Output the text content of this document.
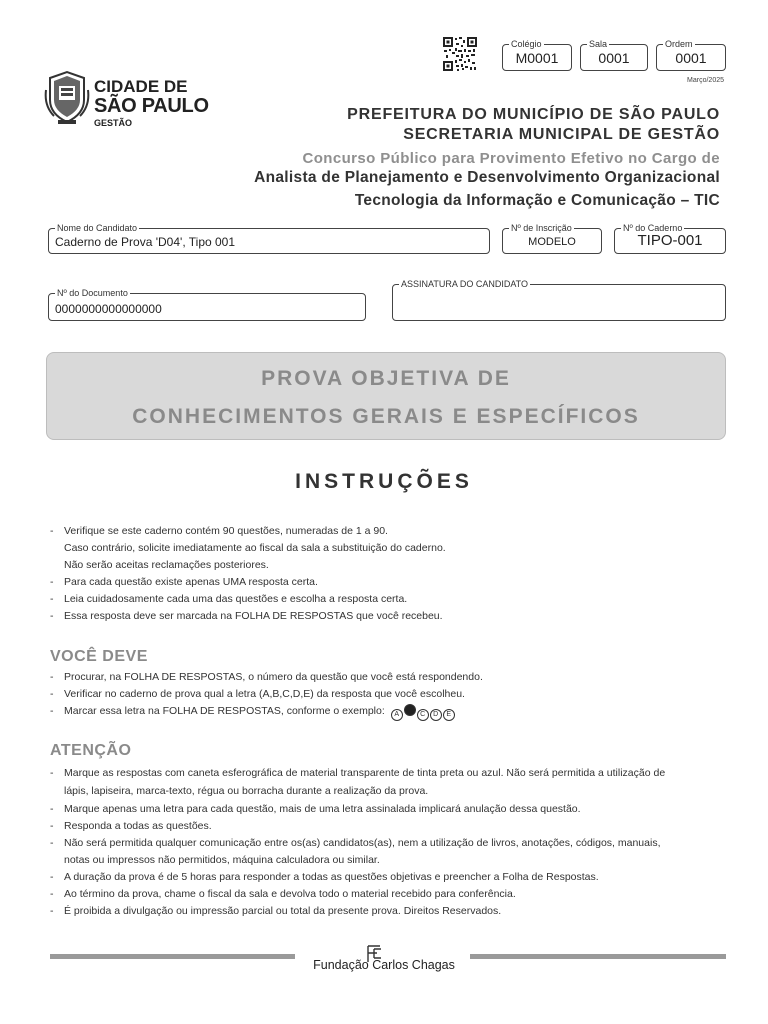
Colégio
M0001
Sala
0001
Ordem
0001
Março/2025
CIDADE DE
SÃO PAULO
GESTÃO	PREFEITURA DO MUNICÍPIO DE SÃO PAULO
SECRETARIA MUNICIPAL DE GESTÃO
Concurso Público para Provimento Efetivo no Cargo de
Analista de Planejamento e Desenvolvimento Organizacional
Tecnologia da Informação e Comunicação – TIC
Nome do Candidato
Caderno de Prova 'D04', Tipo 001
Nº de Inscrição
MODELO
Nº do Caderno
TIPO-001
Nº do Documento
0000000000000000
ASSINATURA DO CANDIDATO
PROVA OBJETIVA DE
CONHECIMENTOS GERAIS E ESPECÍFICOS
INSTRUÇÕES
- Verifique se este caderno contém 90 questões, numeradas de 1 a 90.
Caso contrário, solicite imediatamente ao fiscal da sala a substituição do caderno.
Não serão aceitas reclamações posteriores.
- Para cada questão existe apenas UMA resposta certa.
- Leia cuidadosamente cada uma das questões e escolha a resposta certa.
- Essa resposta deve ser marcada na FOLHA DE RESPOSTAS que você recebeu.
VOCÊ DEVE
- Procurar, na FOLHA DE RESPOSTAS, o número da questão que você está respondendo.
- Verificar no caderno de prova qual a letra (A,B,C,D,E) da resposta que você escolheu.
- Marcar essa letra na FOLHA DE RESPOSTAS, conforme o exemplo: A	C D E
ATENÇÃO
- Marque as respostas com caneta esferográfica de material transparente de tinta preta ou azul. Não será permitida a utilização de
lápis, lapiseira, marca-texto, régua ou borracha durante a realização da prova.
- Marque apenas uma letra para cada questão, mais de uma letra assinalada implicará anulação dessa questão.
- Responda a todas as questões.
- Não será permitida qualquer comunicação entre os(as) candidatos(as), nem a utilização de livros, anotações, códigos, manuais,
notas ou impressos não permitidos, máquina calculadora ou similar.
- A duração da prova é de 5 horas para responder a todas as questões objetivas e preencher a Folha de Respostas.
- Ao término da prova, chame o fiscal da sala e devolva todo o material recebido para conferência.
- É proibida a divulgação ou impressão parcial ou total da presente prova. Direitos Reservados.
Fundação Carlos Chagas
